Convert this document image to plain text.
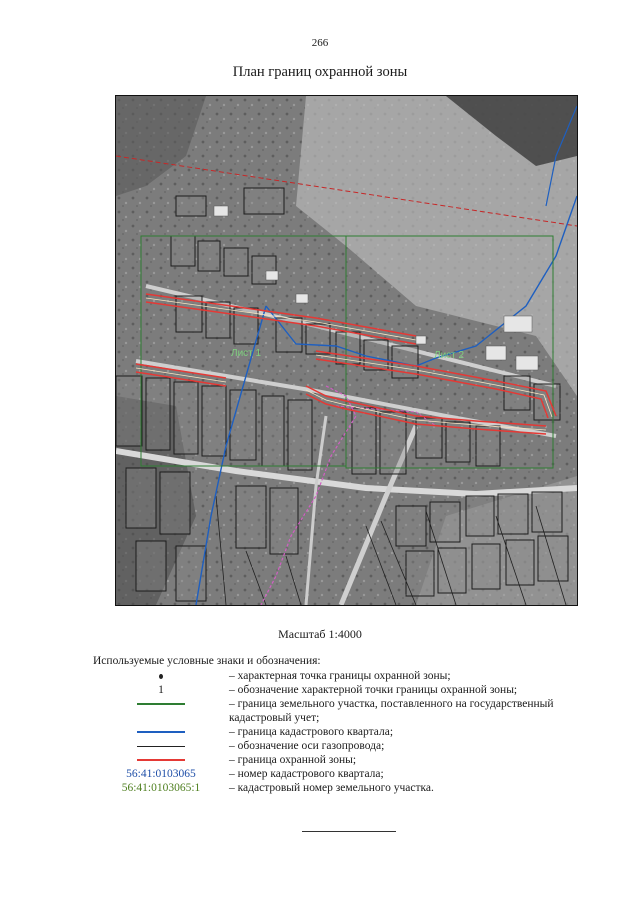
266
План границ охранной зоны
Лист 1	Лист 2
Масштаб 1:4000
Используемые условные знаки и обозначения:
– характерная точка границы охранной зоны;
1	– обозначение характерной точки границы охранной зоны;
– граница земельного участка, поставленного на государственный кадастровый учет;
– граница кадастрового квартала;
– обозначение оси газопровода;
– граница охранной зоны;
56:41:0103065	– номер кадастрового квартала;
56:41:0103065:1 – кадастровый номер земельного участка.
